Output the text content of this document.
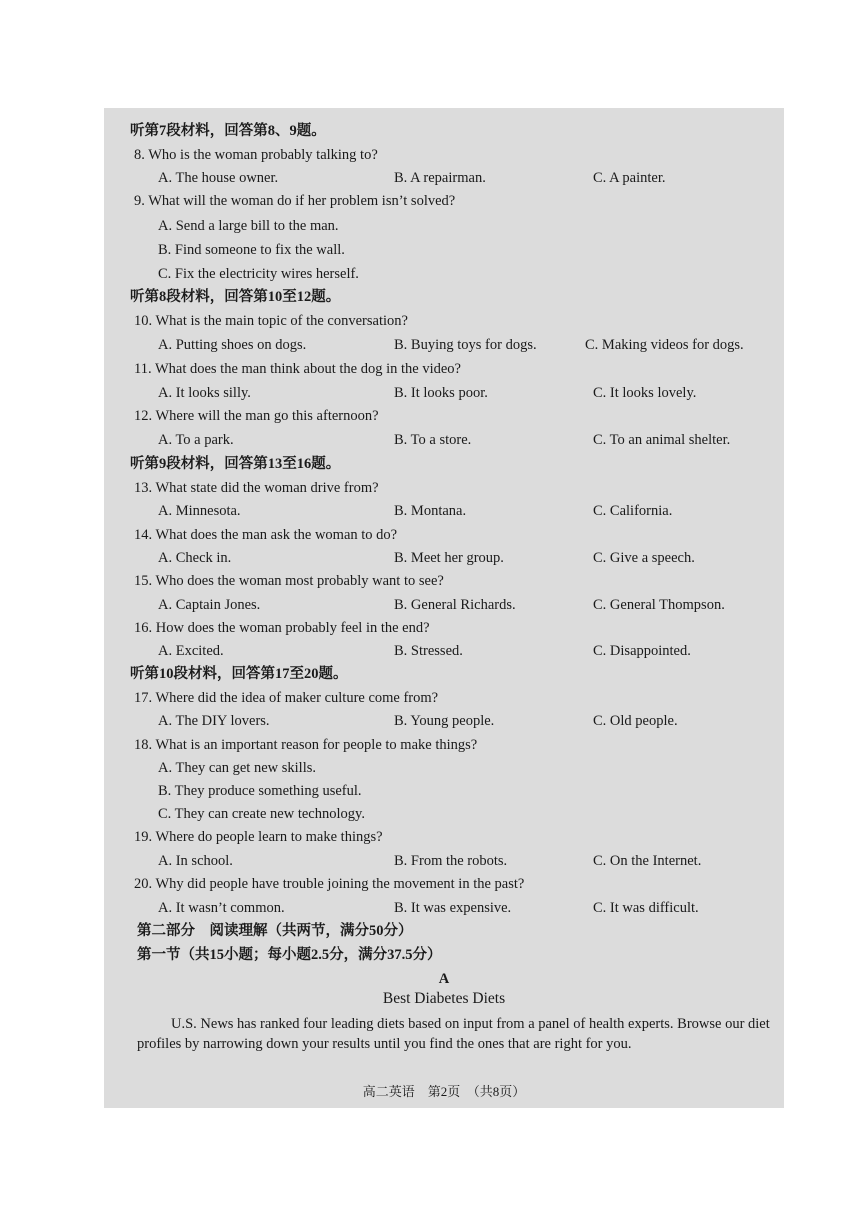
听第7段材料，回答第8、9题。
8. Who is the woman probably talking to?
A. The house owner.	B. A repairman.	C. A painter.
9. What will the woman do if her problem isn’t solved?
A. Send a large bill to the man.
B. Find someone to fix the wall.
C. Fix the electricity wires herself.
听第8段材料，回答第10至12题。
10. What is the main topic of the conversation?
A. Putting shoes on dogs.	B. Buying toys for dogs.	C. Making videos for dogs.
11. What does the man think about the dog in the video?
A. It looks silly.	B. It looks poor.	C. It looks lovely.
12. Where will the man go this afternoon?
A. To a park.	B. To a store.	C. To an animal shelter.
听第9段材料，回答第13至16题。
13. What state did the woman drive from?
A. Minnesota.	B. Montana.	C. California.
14. What does the man ask the woman to do?
A. Check in.	B. Meet her group.	C. Give a speech.
15. Who does the woman most probably want to see?
A. Captain Jones.	B. General Richards.	C. General Thompson.
16. How does the woman probably feel in the end?
A. Excited.	B. Stressed.	C. Disappointed.
听第10段材料，回答第17至20题。
17. Where did the idea of maker culture come from?
A. The DIY lovers.	B. Young people.	C. Old people.
18. What is an important reason for people to make things?
A. They can get new skills.
B. They produce something useful.
C. They can create new technology.
19. Where do people learn to make things?
A. In school.	B. From the robots.	C. On the Internet.
20. Why did people have trouble joining the movement in the past?
A. It wasn’t common.	B. It was expensive.	C. It was difficult.
第二部分　阅读理解（共两节，满分50分）
第一节（共15小题；每小题2.5分，满分37.5分）
A
Best Diabetes Diets
U.S. News has ranked four leading diets based on input from a panel of health experts. Browse our diet profiles by narrowing down your results until you find the ones that are right for you.
高二英语　第2页　（共8页）
